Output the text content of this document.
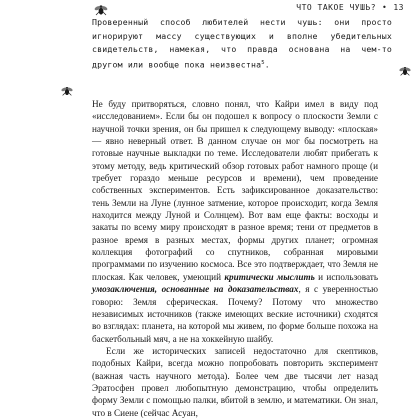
ЧТО ТАКОЕ ЧУШЬ? • 13

Проверенный способ любителей нести чушь: они просто игнорируют массу существующих и вполне убедительных свидетельств, намекая, что правда основана на чем-то другом или вообще пока неизвестна$^5$.

Не буду притворяться, словно понял, что Кайри имел в виду под «исследованием». Если бы он подошел к вопросу о плоскости Земли с научной точки зрения, он бы пришел к следующему выводу: «плоская» — явно неверный ответ. В данном случае он мог бы посмотреть на готовые научные выкладки по теме. Исследователи любят прибегать к этому методу, ведь критический обзор готовых работ намного проще (и требует гораздо меньше ресурсов и времени), чем проведение собственных экспериментов. Есть зафиксированное доказательство: тень Земли на Луне (лунное затмение, которое происходит, когда Земля находится между Луной и Солнцем). Вот вам еще факты: восходы и закаты по всему миру происходят в разное время; тени от предметов в разное время в разных местах, формы других планет; огромная коллекция фотографий со спутников, собранная мировыми программами по изучению космоса. Все это подтверждает, что Земля не плоская. Как человек, умеющий критически мыслить и использовать умозаключения, основанные на доказательствах, я с уверенностью говорю: Земля сферическая. Почему? Потому что множество независимых источников (также имеющих веские источники) сходятся во взглядах: планета, на которой мы живем, по форме больше похожа на баскетбольный мяч, а не на хоккейную шайбу.

Если же исторических записей недостаточно для скептиков, подобных Кайри, всегда можно попробовать повторить эксперимент (важная часть научного метода). Более чем две тысячи лет назад Эратосфен провел любопытную демонстрацию, чтобы определить форму Земли с помощью палки, вбитой в землю, и математики. Он знал, что в Сиене (сейчас Асуан,
